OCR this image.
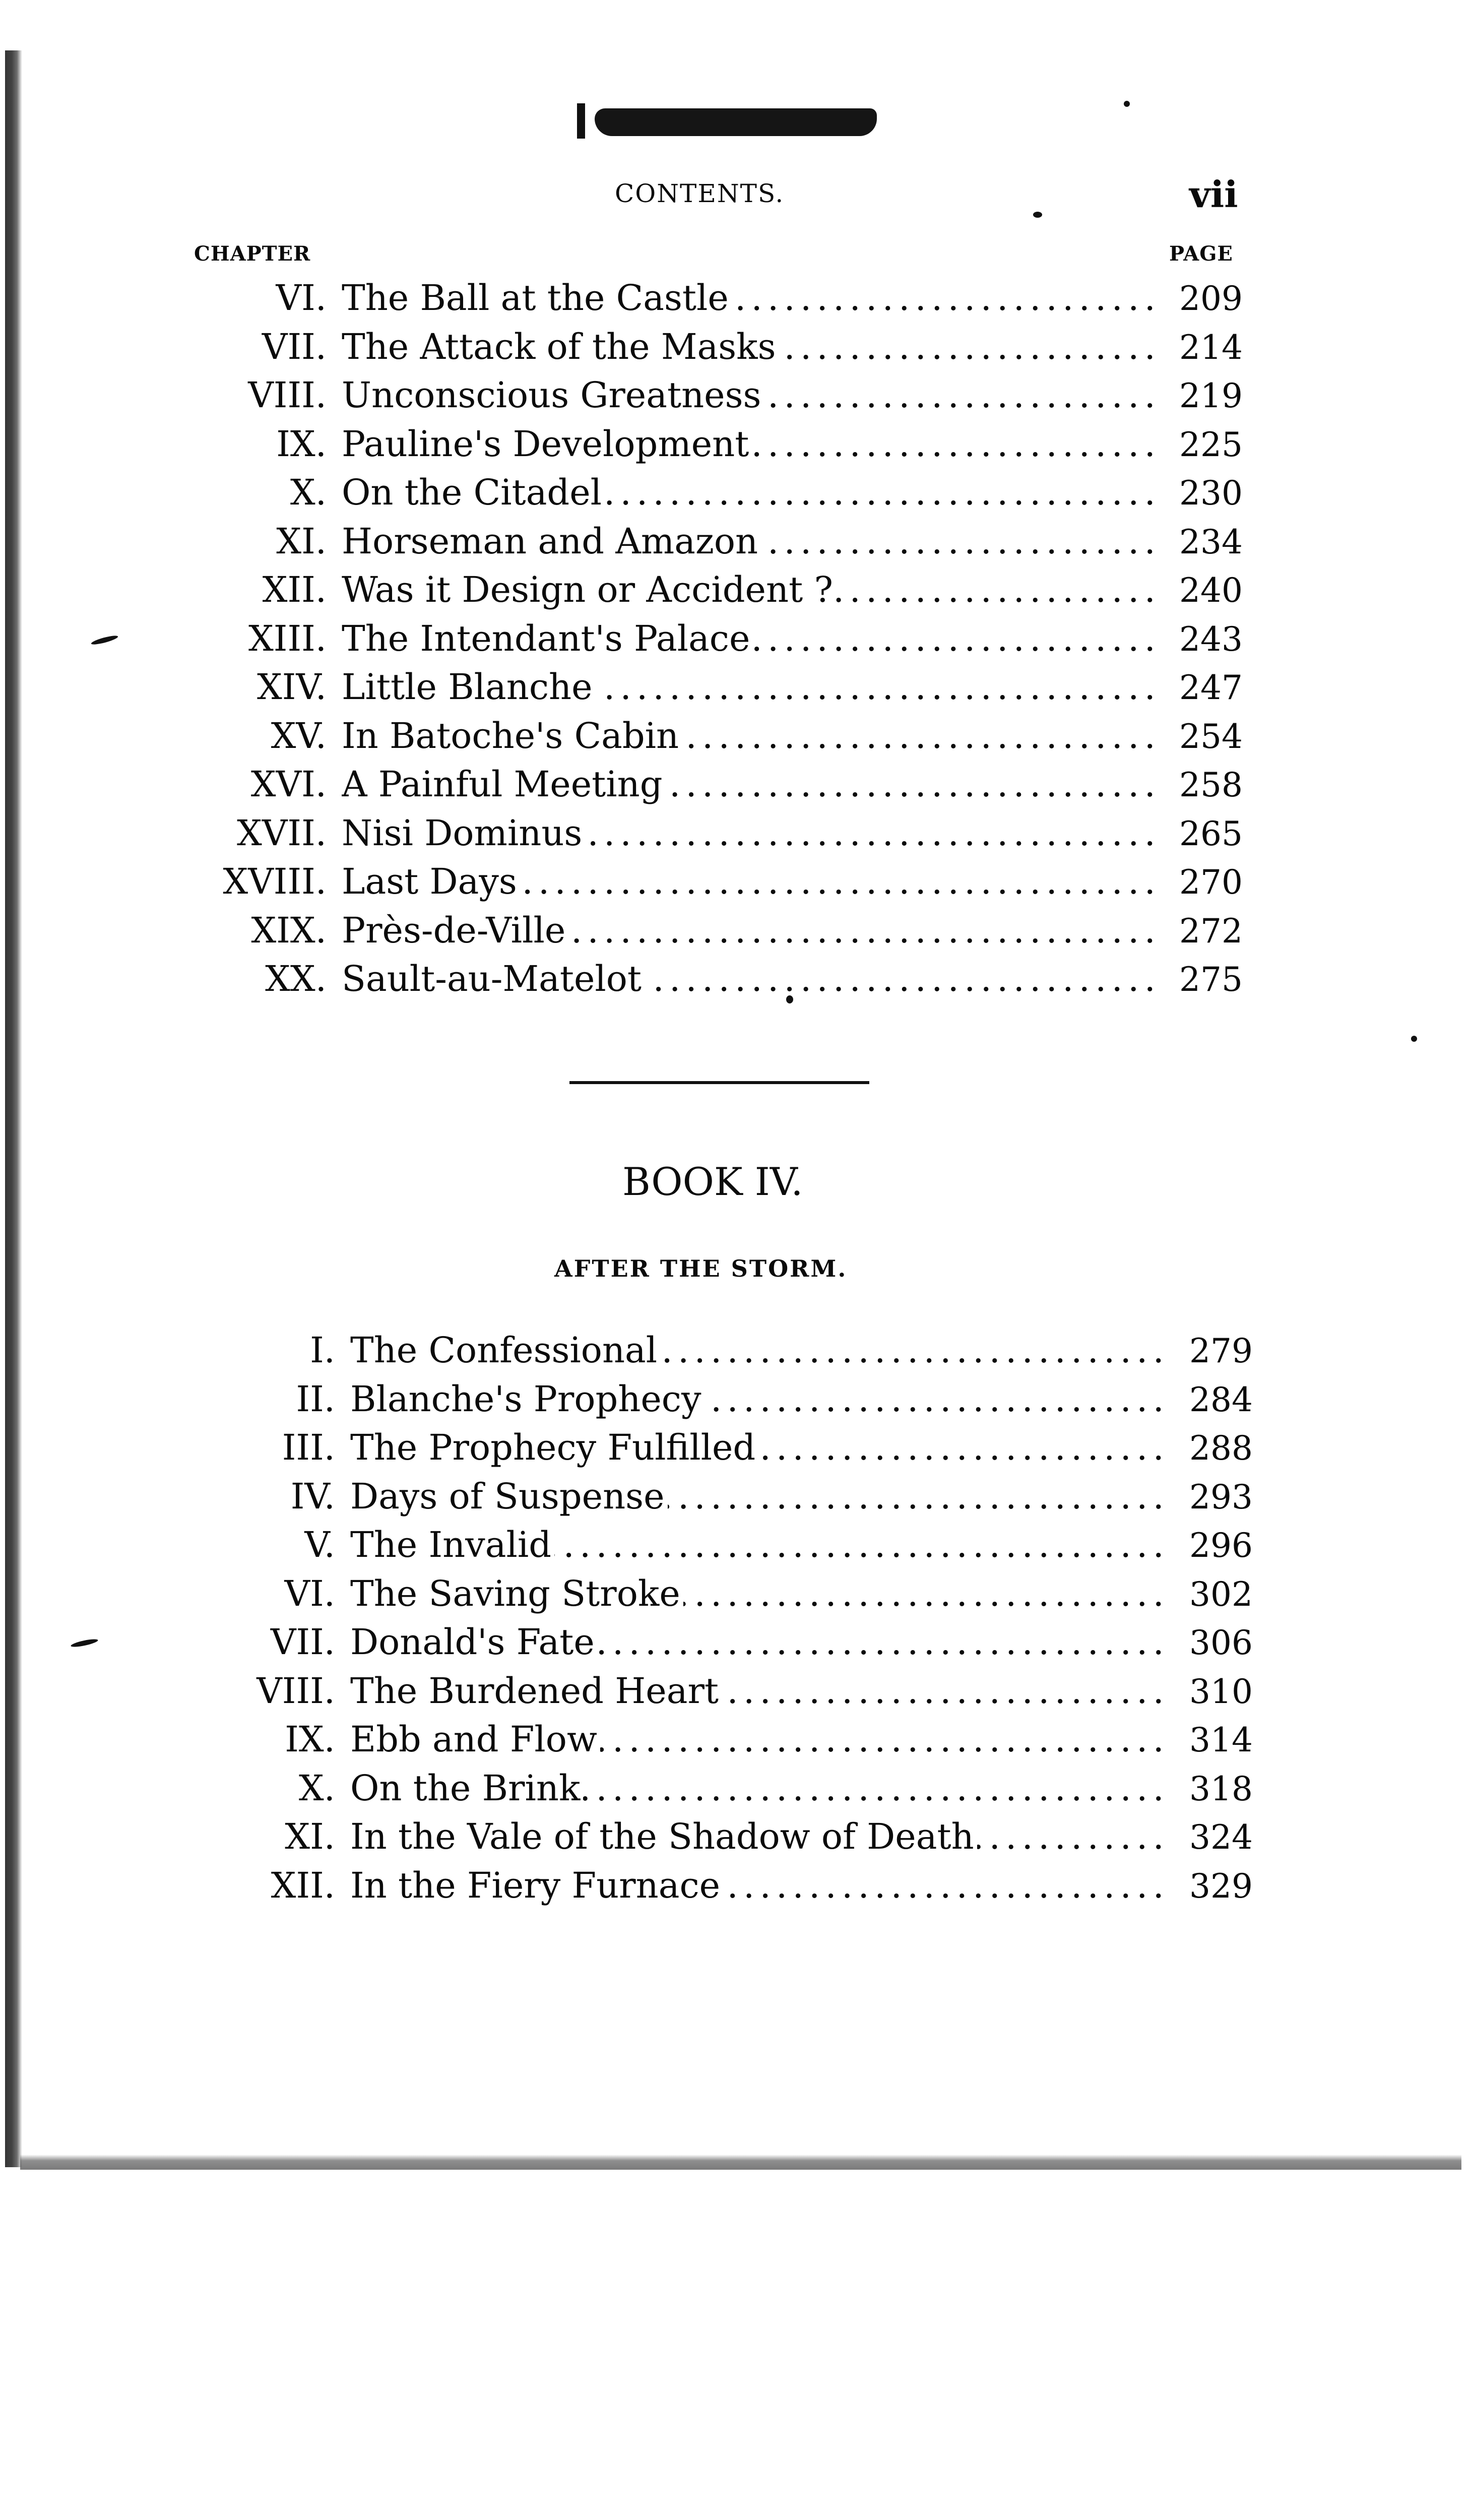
CONTENTS.	vii
CHAPTER	PAGE
VI. The Ball at the Castle . . .	209
VII. The Attack of the Masks . . .	214
VIII. Unconscious Greatness . . .	219
IX. Pauline's Development . . .	225
X. On the Citadel . . .	230
XI. Horseman and Amazon . . .	234
XII. Was it Design or Accident ? . . .	240
XIII. The Intendant's Palace . . .	243
XIV. Little Blanche . . .	247
XV. In Batoche's Cabin . . .	254
XVI. A Painful Meeting . . .	258
XVII. Nisi Dominus . . .	265
XVIII. Last Days . . .	270
XIX. Près-de-Ville . . .	272
XX. Sault-au-Matelot . . .	275
BOOK IV.
AFTER THE STORM.
I. The Confessional . . .	279
II. Blanche's Prophecy . . .	284
III. The Prophecy Fulfilled . . .	288
IV. Days of Suspense . . .	293
V. The Invalid . . .	296
VI. The Saving Stroke . . .	302
VII. Donald's Fate . . .	306
VIII. The Burdened Heart . . .	310
IX. Ebb and Flow . . .	314
X. On the Brink . . .	318
XI. In the Vale of the Shadow of Death . . .	324
XII. In the Fiery Furnace . . .	329
